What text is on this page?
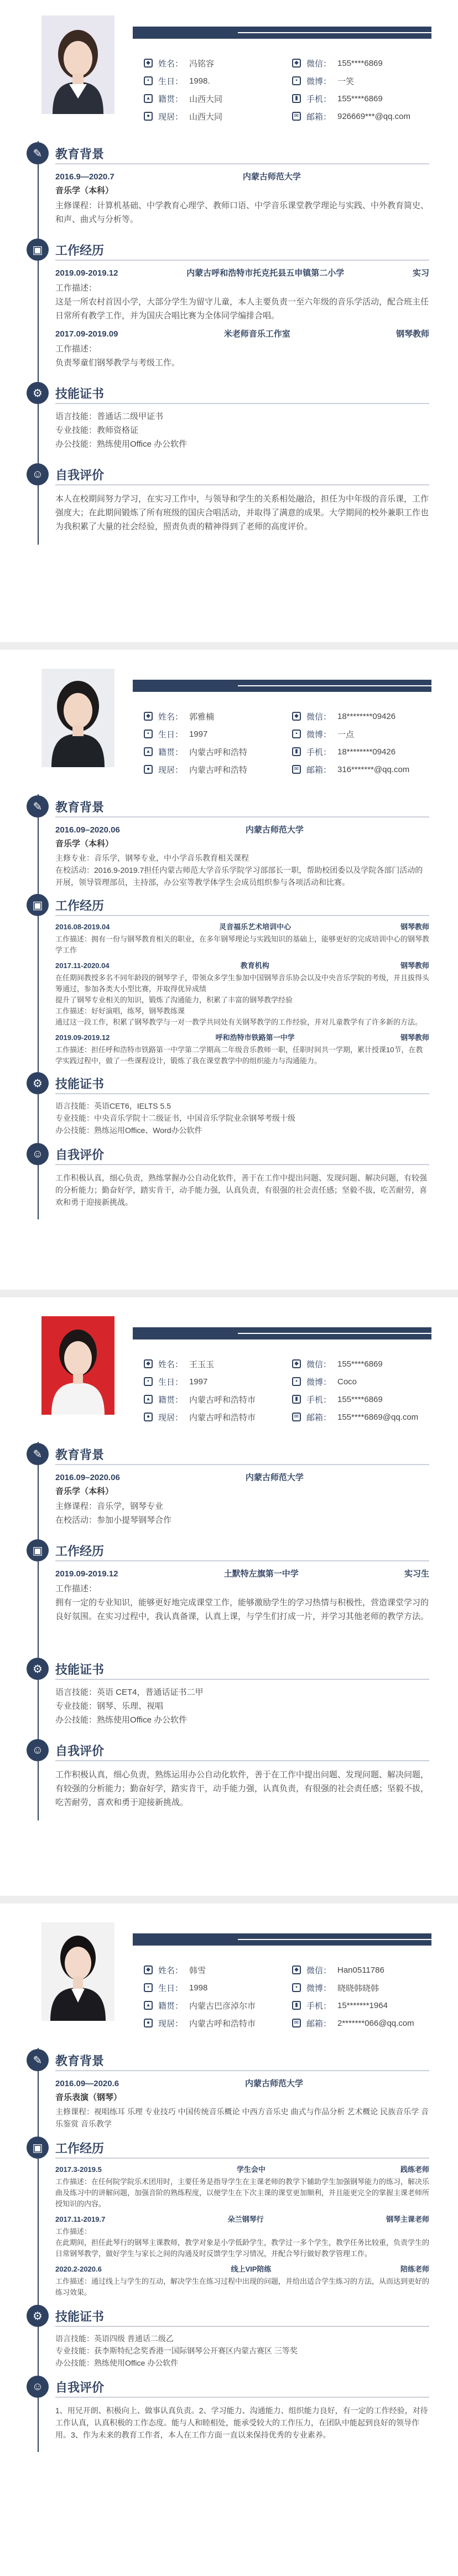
◆ 姓名： 冯铭容
▪	生日： 1998.
▴	籍贯： 山西大同
● 现居： 山西大同
◆ 微信： 155****6869
▪	微博： 一笑
▮	手机： 155****6869
✉ 邮箱： 926669***@qq.com
✎	教育背景
2016.9—2020.7	内蒙古师范大学
音乐学（本科）
主修课程：计算机基础、中学教育心理学、教师口语、中学音乐课堂教学理论与实践、中外教育简史、和声、曲式与分析等。
▣	工作经历
2019.09-2019.12	内蒙古呼和浩特市托克托县五申镇第二小学	实习
工作描述：
这是一所农村首因小学，大部分学生为留守儿童，本人主要负责一至六年级的音乐学活动，配合班主任日常所有教学工作，并为国庆合唱比赛为全体同学编排合唱。
2017.09-2019.09	米老师音乐工作室	钢琴教师
工作描述：
负责琴童们钢琴教学与考级工作。
⚙	技能证书
语言技能：普通话二级甲证书
专业技能：教师资格证
办公技能：熟练使用Office 办公软件
☺ 自我评价
本人在校期间努力学习，在实习工作中，与领导和学生的关系相处融洽，担任为中年级的音乐课，工作强度大；在此期间锻炼了所有班级的国庆合唱活动，并取得了满意的成果。大学期间的校外兼职工作也为我积累了大量的社会经验，照责负责的精神得到了老师的高度评价。
◆ 姓名： 郭雅楠
▪	生日： 1997
▴	籍贯： 内蒙古呼和浩特
● 现居： 内蒙古呼和浩特
◆ 微信： 18********09426
▪	微博： 一点
▮	手机： 18********09426
✉ 邮箱： 316*******@qq.com
✎	教育背景
2016.09–2020.06	内蒙古师范大学
音乐学（本科）
主修专业：音乐学，钢琴专业，中小学音乐教育相关课程
在校活动：2016.9-2019.7担任内蒙古师范大学音乐学院学习部部长一职，帮助校团委以及学院各部门活动的开展，领导管理部员，主持部，办公室等教学体学生会成员组织参与各项活动和比赛。
▣	工作经历
2016.08-2019.04	灵音福乐艺术培训中心	钢琴教师
工作描述：拥有一份与钢琴教育相关的职业，在多年钢琴理论与实践知识的基础上，能够更好的完成培训中心的钢琴教学工作
2017.11-2020.04	教育机构	钢琴教师
在任期间教授多名不同年龄段的钢琴学子，带领众多学生参加中国钢琴音乐协会以及中央音乐学院的考级，并且拔得头筹通过，参加各类大小型比赛，并取得优异成绩
提升了钢琴专业相关的知识，锻炼了沟通能力，积累了丰富的钢琴教学经验
工作描述：好好演唱，练琴，钢琴教练课
通过这一段工作，积累了钢琴教学与一对一教学共同处有关钢琴教学的工作经验，并对儿童教学有了许多新的方法。
2019.09-2019.12	呼和浩特市铁路第一中学	钢琴教师
工作描述：担任呼和浩特市铁路第一中学第二学期高二年级音乐教师一职，任职时间共一学期，累计授课10节，在教学实践过程中，做了一些课程设计，锻炼了我在课堂教学中的组织能力与沟通能力。
⚙	技能证书
语言技能：英语CET6，IELTS 5.5
专业技能：中央音乐学院十二级证书，中国音乐学院业余钢琴考级十级
办公技能：熟练运用Office、Word办公软件
☺ 自我评价
工作积极认真，细心负责，熟练掌握办公自动化软件，善于在工作中提出问题、发现问题、解决问题，有较强的分析能力；勤奋好学，踏实肯干，动手能力强，认真负责，有很强的社会责任感；坚毅不拔，吃苦耐劳，喜欢和勇于迎接新挑战。
◆ 姓名： 王玉玉
▪	生日： 1997
▴	籍贯： 内蒙古呼和浩特市
● 现居： 内蒙古呼和浩特市
◆ 微信： 155****6869
▪	微博： Coco
▮	手机： 155****6869
✉ 邮箱： 155****6869@qq.com
✎	教育背景
2016.09–2020.06	内蒙古师范大学
音乐学（本科）
主修课程：音乐学，钢琴专业
在校活动：参加小提琴钢琴合作
▣	工作经历
2019.09-2019.12	土默特左旗第一中学	实习生
工作描述：
拥有一定的专业知识，能够更好地完成课堂工作，能够激励学生的学习热情与积极性，营造课堂学习的良好氛围。在实习过程中，我认真备课，认真上课，与学生们打成一片，并学习其他老师的教学方法。
⚙	技能证书
语言技能：英语 CET4，普通话证书二甲
专业技能：钢琴、乐理、视唱
办公技能：熟练使用Office 办公软件
☺ 自我评价
工作积极认真，细心负责，熟练运用办公自动化软件，善于在工作中提出问题、发现问题、解决问题，有较强的分析能力；勤奋好学，踏实肯干，动手能力强，认真负责，有很强的社会责任感；坚毅不拔，吃苦耐劳，喜欢和勇于迎接新挑战。
◆ 姓名： 韩雪
▪	生日： 1998
▴	籍贯： 内蒙古巴彦淖尔市
● 现居： 内蒙古呼和浩特市
◆ 微信： Han0511786
▪	微博： 晓晓韩晓韩
▮	手机： 15*******1964
✉ 邮箱： 2*******066@qq.com
✎	教育背景
2016.09—2020.6	内蒙古师范大学
音乐表演（钢琴）
主修课程：视唱练耳 乐理 专业技巧 中国传统音乐概论 中西方音乐史 曲式与作品分析 艺术概论 民族音乐学 音乐鉴赏 音乐教学
▣	工作经历
2017.3-2019.5	学生会中	践练老师
工作描述：在任何院学院乐术团用时，主要任务是指导学生在主课老师的教学下辅助学生加强钢琴能力的练习，解决乐曲及练习中的讲解问题，加强音阶的熟练程度，以便学生在下次主课的课堂更加顺利，并且能更完全的掌握主课老师所授知识的内容。
2017.11-2019.7	朵兰钢琴行	钢琴主课老师
工作描述：
在此期间，担任此琴行的钢琴主课教师，教学对象是小学低龄学生，教学过一多个学生，教学任务比较重，负责学生的日常钢琴教学，做好学生与家长之间的沟通及时反馈学生学习情况，并配合琴行做好教学管理工作。
2020.2-2020.6	线上VIP陪练	陪练老师
工作描述：通过线上与学生的互动，解决学生在练习过程中出现的问题，并给出适合学生练习的方法，从而达到更好的练习效果。
⚙	技能证书
语言技能：英语四级 普通话二级乙
专业技能：获李斯特纪念奖香港一国际钢琴公开赛区内蒙古赛区 三等奖
办公技能：熟练使用Office 办公软件
☺ 自我评价
1、用兄开朗、积极向上、做事认真负责。2、学习能力、沟通能力、组织能力良好，有一定的工作经验，对待工作认真，认真积极的工作态度。能与人和睦相处，能承受较大的工作压力，在团队中能起到良好的领导作用。3、作为未来的教育工作者，本人在工作方面一直以来保持优秀的专业素养。
